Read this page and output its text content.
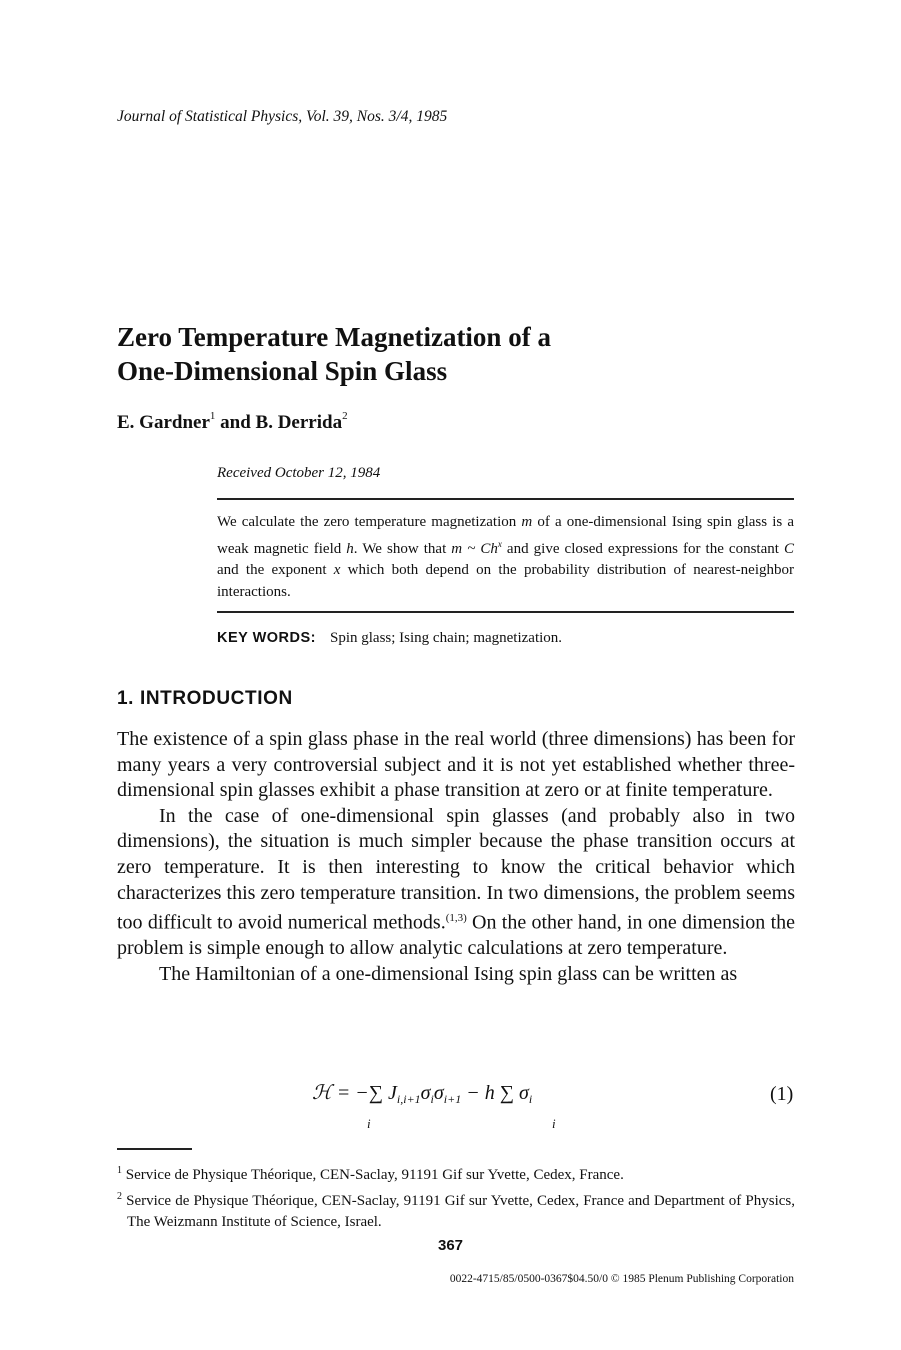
Journal of Statistical Physics, Vol. 39, Nos. 3/4, 1985
Zero Temperature Magnetization of a
One-Dimensional Spin Glass
E. Gardner$^1$ and B. Derrida$^2$
Received October 12, 1984
We calculate the zero temperature magnetization m of a one-dimensional Ising spin glass is a weak magnetic field h. We show that m ~ Ch$^x$ and give closed expressions for the constant C and the exponent x which both depend on the probability distribution of nearest-neighbor interactions.
KEY WORDS: Spin glass; Ising chain; magnetization.
1. INTRODUCTION

The existence of a spin glass phase in the real world (three dimensions) has been for many years a very controversial subject and it is not yet established whether three-dimensional spin glasses exhibit a phase transition at zero or at finite temperature.

In the case of one-dimensional spin glasses (and probably also in two dimensions), the situation is much simpler because the phase transition occurs at zero temperature. It is then interesting to know the critical behavior which characterizes this zero temperature transition. In two dimensions, the problem seems too difficult to avoid numerical methods.$^{(1,3)}$ On the other hand, in one dimension the problem is simple enough to allow analytic calculations at zero temperature.

The Hamiltonian of a one-dimensional Ising spin glass can be written as

ℋ = −∑ $J_{i,i+1}\sigma_i\sigma_{i+1} - h$ ∑ $\sigma_i$
i	i
(1)

$^1$ Service de Physique Théorique, CEN-Saclay, 91191 Gif sur Yvette, Cedex, France.

$^2$ Service de Physique Théorique, CEN-Saclay, 91191 Gif sur Yvette, Cedex, France and Department of Physics, The Weizmann Institute of Science, Israel.

367
0022-4715/85/0500-0367$04.50/0 © 1985 Plenum Publishing Corporation
